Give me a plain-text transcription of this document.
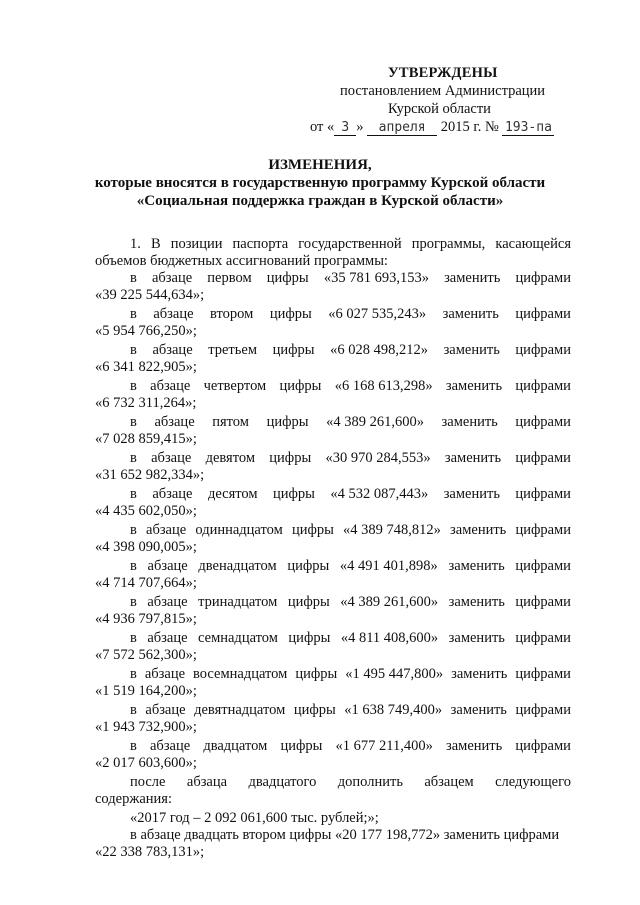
УТВЕРЖДЕНЫ
постановлением Администрации
Курской области
от « 3 » апреля 2015 г. № 193-па
ИЗМЕНЕНИЯ,
которые вносятся в государственную программу Курской области
«Социальная поддержка граждан в Курской области»

1. В позиции паспорта государственной программы, касающейся объемов бюджетных ассигнований программы:

в абзаце первом цифры «35 781 693,153» заменить цифрами
«39 225 544,634»;
в абзаце втором цифры «6 027 535,243» заменить цифрами
«5 954 766,250»;
в абзаце третьем цифры «6 028 498,212» заменить цифрами
«6 341 822,905»;
в абзаце четвертом цифры «6 168 613,298» заменить цифрами
«6 732 311,264»;
в абзаце пятом цифры «4 389 261,600» заменить цифрами
«7 028 859,415»;
в абзаце девятом цифры «30 970 284,553» заменить цифрами
«31 652 982,334»;
в абзаце десятом цифры «4 532 087,443» заменить цифрами
«4 435 602,050»;
в абзаце одиннадцатом цифры «4 389 748,812» заменить цифрами
«4 398 090,005»;
в абзаце двенадцатом цифры «4 491 401,898» заменить цифрами
«4 714 707,664»;
в абзаце тринадцатом цифры «4 389 261,600» заменить цифрами
«4 936 797,815»;
в абзаце семнадцатом цифры «4 811 408,600» заменить цифрами
«7 572 562,300»;
в абзаце восемнадцатом цифры «1 495 447,800» заменить цифрами
«1 519 164,200»;
в абзаце девятнадцатом цифры «1 638 749,400» заменить цифрами
«1 943 732,900»;
в абзаце двадцатом цифры «1 677 211,400» заменить цифрами
«2 017 603,600»;
после абзаца двадцатого дополнить абзацем следующего
содержания:
«2017 год – 2 092 061,600 тыс. рублей;»;
в абзаце двадцать втором цифры «20 177 198,772» заменить цифрами
«22 338 783,131»;
